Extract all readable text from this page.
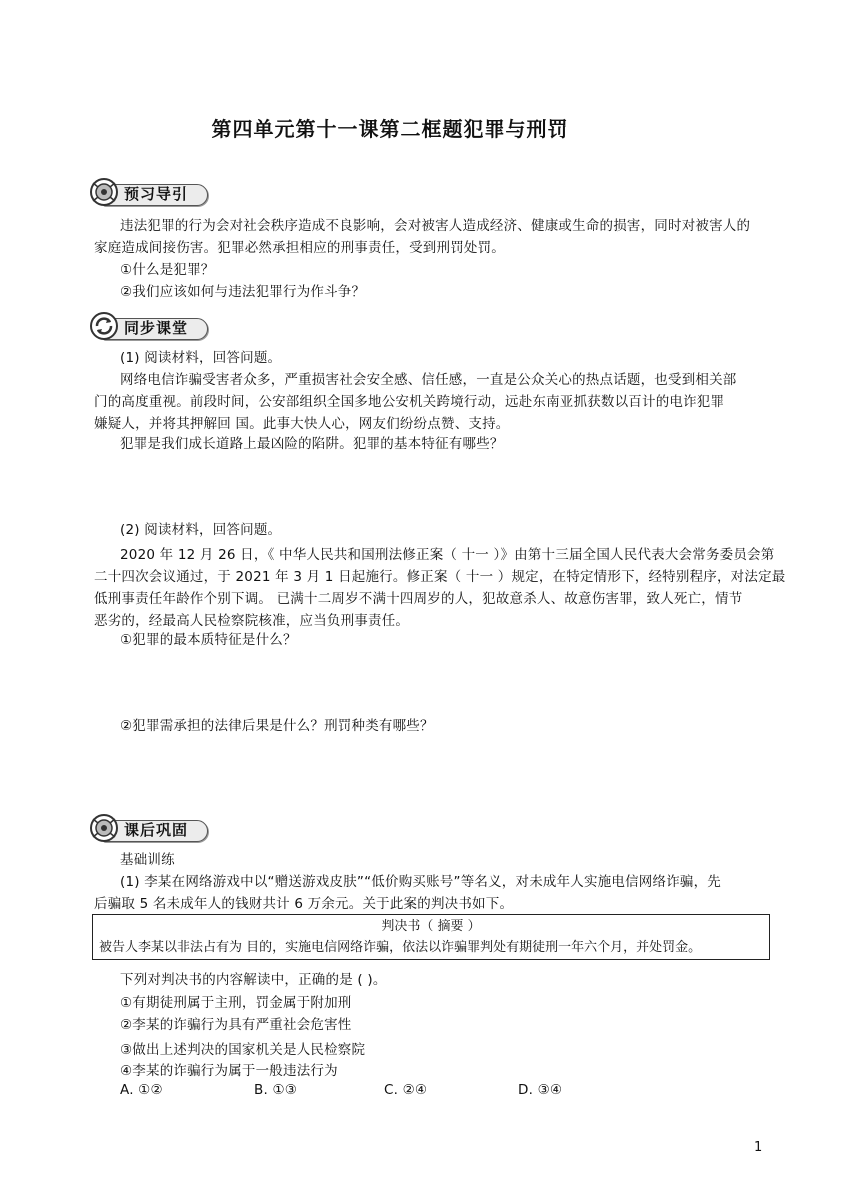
第四单元第十一课第二框题犯罪与刑罚
预习导引
违法犯罪的行为会对社会秩序造成不良影响，会对被害人造成经济、健康或生命的损害，同时对被害人的
家庭造成间接伤害。犯罪必然承担相应的刑事责任，受到刑罚处罚。
①什么是犯罪？
②我们应该如何与违法犯罪行为作斗争？
同步课堂
(1) 阅读材料，回答问题。
网络电信诈骗受害者众多，严重损害社会安全感、信任感，一直是公众关心的热点话题，也受到相关部
门的高度重视。前段时间，公安部组织全国多地公安机关跨境行动，远赴东南亚抓获数以百计的电诈犯罪
嫌疑人，并将其押解回 国。此事大快人心，网友们纷纷点赞、支持。
犯罪是我们成长道路上最凶险的陷阱。犯罪的基本特征有哪些？
(2) 阅读材料，回答问题。
2020 年 12 月 26 日，《 中华人民共和国刑法修正案（ 十一 ）》由第十三届全国人民代表大会常务委员会第
二十四次会议通过，于 2021 年 3 月 1 日起施行。修正案（ 十一 ）规定，在特定情形下，经特别程序，对法定最
低刑事责任年龄作个别下调。 已满十二周岁不满十四周岁的人，犯故意杀人、故意伤害罪，致人死亡，情节
恶劣的，经最高人民检察院核准，应当负刑事责任。
①犯罪的最本质特征是什么？
②犯罪需承担的法律后果是什么？刑罚种类有哪些？
课后巩固
基础训练
(1) 李某在网络游戏中以“赠送游戏皮肤”“低价购买账号”等名义，对未成年人实施电信网络诈骗，先
后骗取 5 名未成年人的钱财共计 6 万余元。关于此案的判决书如下。
判决书（ 摘要 ）
被告人李某以非法占有为 目的，实施电信网络诈骗，依法以诈骗罪判处有期徒刑一年六个月，并处罚金。
下列对判决书的内容解读中，正确的是 ( )。
①有期徒刑属于主刑，罚金属于附加刑
②李某的诈骗行为具有严重社会危害性
③做出上述判决的国家机关是人民检察院
④李某的诈骗行为属于一般违法行为
A. ①②	B. ①③	C. ②④	D. ③④
1
